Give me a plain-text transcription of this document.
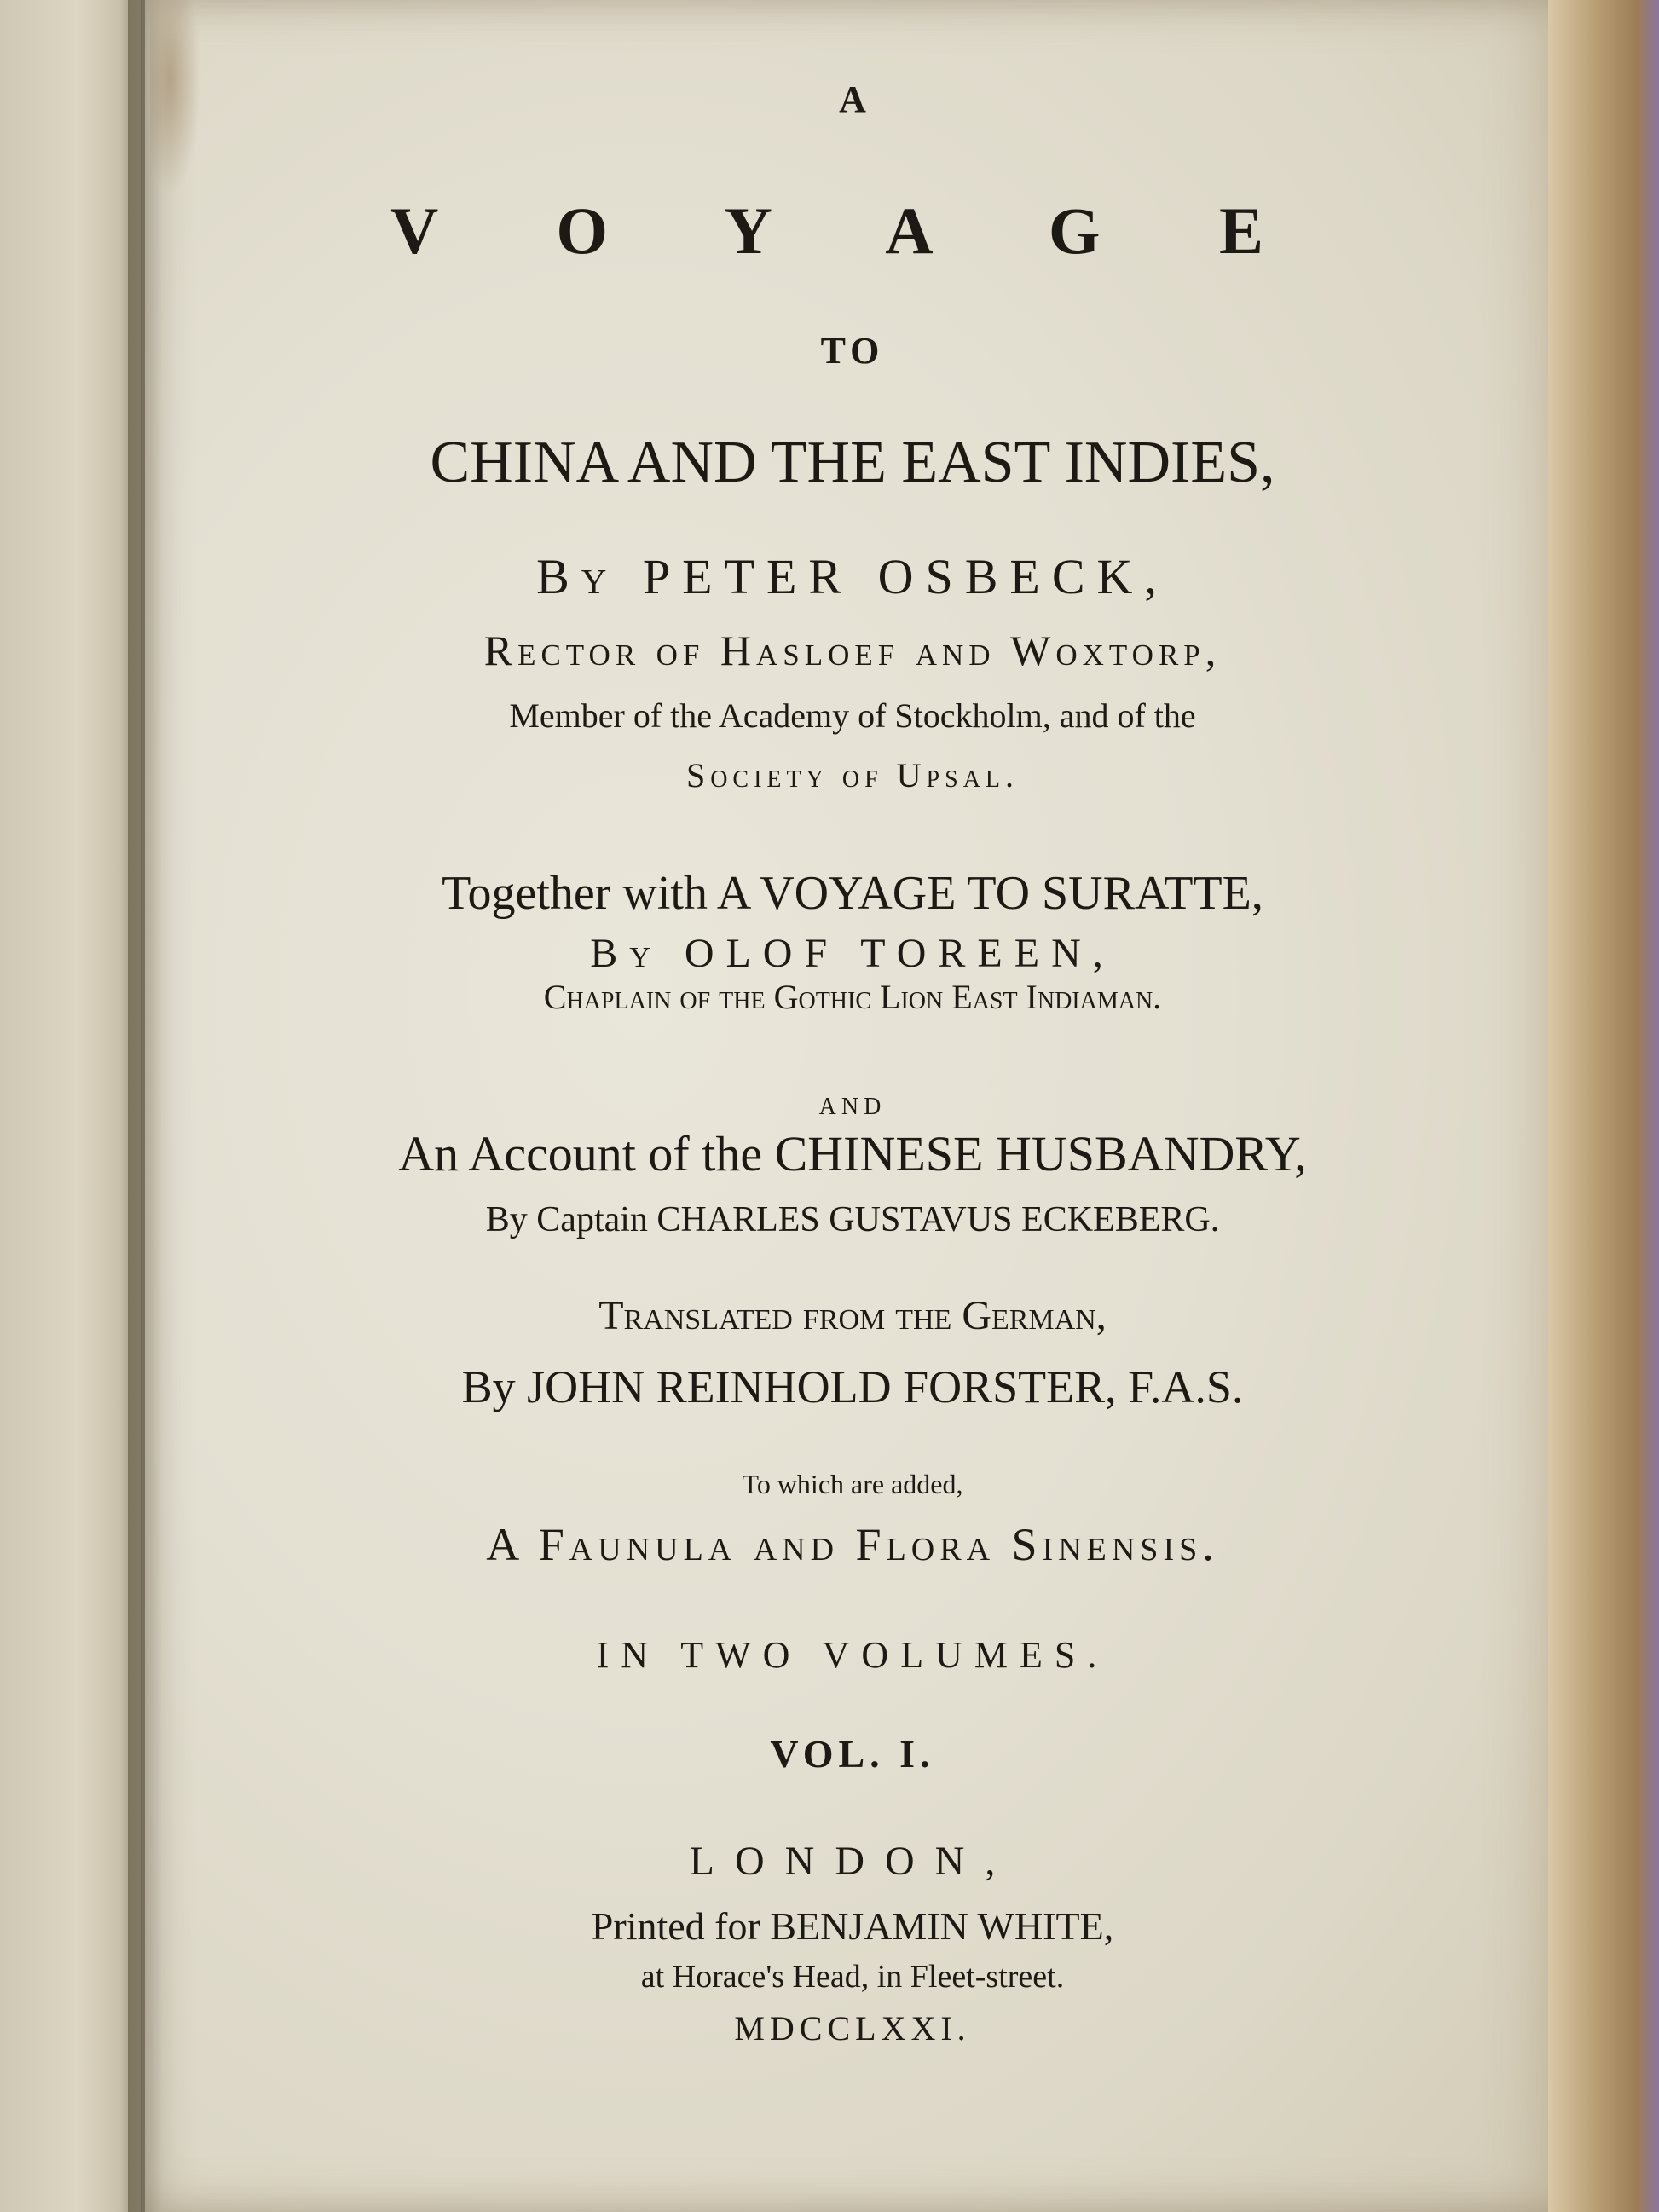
A
V O Y A G E
TO
CHINA AND THE EAST INDIES,
By PETER OSBECK,
Rector of Hasloef and Woxtorp,
Member of the Academy of Stockholm, and of the
Society of Upsal.
Together with A VOYAGE TO SURATTE,
By OLOF TOREEN,
Chaplain of the Gothic Lion East Indiaman.
AND
An Account of the CHINESE HUSBANDRY,
By Captain CHARLES GUSTAVUS ECKEBERG.
Translated from the German,
By JOHN REINHOLD FORSTER, F.A.S.
To which are added,
A Faunula and Flora Sinensis.
IN TWO VOLUMES.
VOL. I.
LONDON,
Printed for BENJAMIN WHITE,
at Horace's Head, in Fleet-street.
MDCCLXXI.
